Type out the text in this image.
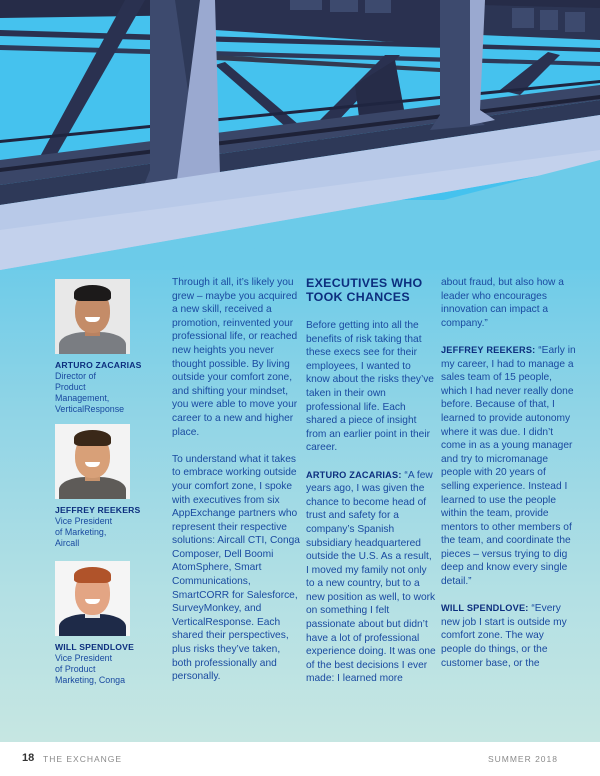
ARTURO ZACARIAS
Director of
Product
Management,
VerticalResponse
JEFFREY REEKERS
Vice President
of Marketing,
Aircall
WILL SPENDLOVE
Vice President
of Product
Marketing, Conga

Through it all, it’s likely you grew – maybe you acquired a new skill, received a promotion, reinvented your professional life, or reached new heights you never thought possible. By living outside your comfort zone, and shifting your mindset, you were able to move your career to a new and higher place.

To understand what it takes to embrace working outside your comfort zone, I spoke with executives from six AppExchange partners who represent their respective solutions: Aircall CTI, Conga Composer, Dell Boomi AtomSphere, Smart Communications, SmartCORR for Salesforce, SurveyMonkey, and VerticalResponse. Each shared their perspectives, plus risks they’ve taken, both professionally and personally.

EXECUTIVES WHO
TOOK CHANCES

Before getting into all the benefits of risk taking that these execs see for their employees, I wanted to know about the risks they’ve taken in their own professional life. Each shared a piece of insight from an earlier point in their career.

ARTURO ZACARIAS: “A few years ago, I was given the chance to become head of trust and safety for a company’s Spanish subsidiary headquartered outside the U.S. As a result, I moved my family not only to a new country, but to a new position as well, to work on something I felt passionate about but didn’t have a lot of professional experience doing. It was one of the best decisions I ever made: I learned more

about fraud, but also how a leader who encourages innovation can impact a company.”

JEFFREY REEKERS: “Early in my career, I had to manage a sales team of 15 people, which I had never really done before. Because of that, I learned to provide autonomy where it was due. I didn’t come in as a young manager and try to micromanage people with 20 years of selling experience. Instead I learned to use the people within the team, provide mentors to other members of the team, and coordinate the pieces – versus trying to dig deep and know every single detail.”

WILL SPENDLOVE: “Every new job I start is outside my comfort zone. The way people do things, or the customer base, or the

18 THE EXCHANGE	SUMMER 2018
